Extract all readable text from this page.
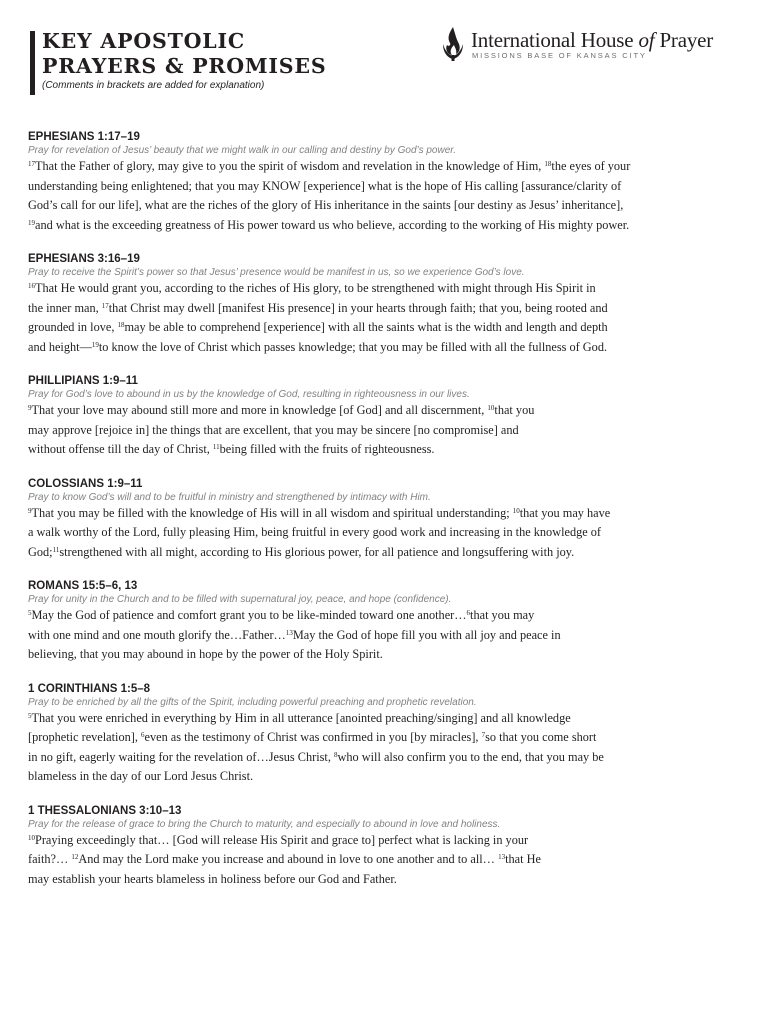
KEY APOSTOLIC
PRAYERS & PROMISES
(Comments in brackets are added for explanation)
International House of Prayer
MISSIONS BASE OF KANSAS CITY
EPHESIANS 1:17–19
Pray for revelation of Jesus’ beauty that we might walk in our calling and destiny by God’s power.
$^{17}$That the Father of glory, may give to you the spirit of wisdom and revelation in the knowledge of Him, $^{18}$the eyes of your
understanding being enlightened; that you may KNOW [experience] what is the hope of His calling [assurance/clarity of
God’s call for our life], what are the riches of the glory of His inheritance in the saints [our destiny as Jesus’ inheritance],
$^{19}$and what is the exceeding greatness of His power toward us who believe, according to the working of His mighty power.
EPHESIANS 3:16–19
Pray to receive the Spirit’s power so that Jesus’ presence would be manifest in us, so we experience God’s love.
$^{16}$That He would grant you, according to the riches of His glory, to be strengthened with might through His Spirit in
the inner man, $^{17}$that Christ may dwell [manifest His presence] in your hearts through faith; that you, being rooted and
grounded in love, $^{18}$may be able to comprehend [experience] with all the saints what is the width and length and depth
and height—$^{19}$to know the love of Christ which passes knowledge; that you may be filled with all the fullness of God.
PHILLIPIANS 1:9–11
Pray for God’s love to abound in us by the knowledge of God, resulting in righteousness in our lives.
$^9$That your love may abound still more and more in knowledge [of God] and all discernment, $^{10}$that you
may approve [rejoice in] the things that are excellent, that you may be sincere [no compromise] and
without offense till the day of Christ, $^{11}$being filled with the fruits of righteousness.
COLOSSIANS 1:9–11
Pray to know God’s will and to be fruitful in ministry and strengthened by intimacy with Him.
$^9$That you may be filled with the knowledge of His will in all wisdom and spiritual understanding; $^{10}$that you may have
a walk worthy of the Lord, fully pleasing Him, being fruitful in every good work and increasing in the knowledge of
God;$^{11}$strengthened with all might, according to His glorious power, for all patience and longsuffering with joy.
ROMANS 15:5–6, 13
Pray for unity in the Church and to be filled with supernatural joy, peace, and hope (confidence).
$^5$May the God of patience and comfort grant you to be like-minded toward one another…$^6$that you may
with one mind and one mouth glorify the…Father…$^{13}$May the God of hope fill you with all joy and peace in
believing, that you may abound in hope by the power of the Holy Spirit.
1 CORINTHIANS 1:5–8
Pray to be enriched by all the gifts of the Spirit, including powerful preaching and prophetic revelation.
$^5$That you were enriched in everything by Him in all utterance [anointed preaching/singing] and all knowledge
[prophetic revelation], $^6$even as the testimony of Christ was confirmed in you [by miracles], $^7$so that you come short
in no gift, eagerly waiting for the revelation of…Jesus Christ, $^8$who will also confirm you to the end, that you may be
blameless in the day of our Lord Jesus Christ.
1 THESSALONIANS 3:10–13
Pray for the release of grace to bring the Church to maturity, and especially to abound in love and holiness.
$^{10}$Praying exceedingly that… [God will release His Spirit and grace to] perfect what is lacking in your
faith?… $^{12}$And may the Lord make you increase and abound in love to one another and to all… $^{13}$that He
may establish your hearts blameless in holiness before our God and Father.
